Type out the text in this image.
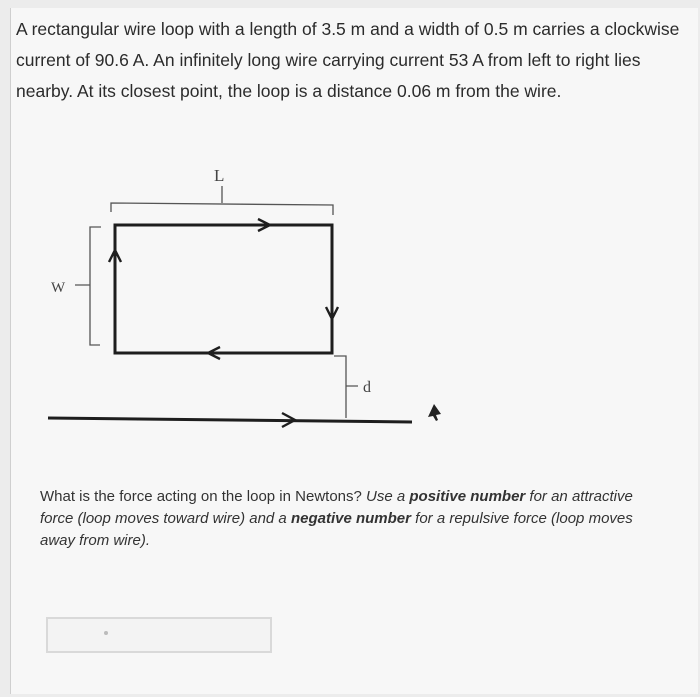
A rectangular wire loop with a length of 3.5 m and a width of 0.5 m carries a clockwise current of 90.6 A. An infinitely long wire carrying current 53 A from left to right lies nearby. At its closest point, the loop is a distance 0.06 m from the wire.

L
W
d

What is the force acting on the loop in Newtons? Use a positive number for an attractive force (loop moves toward wire) and a negative number for a repulsive force (loop moves away from wire).
